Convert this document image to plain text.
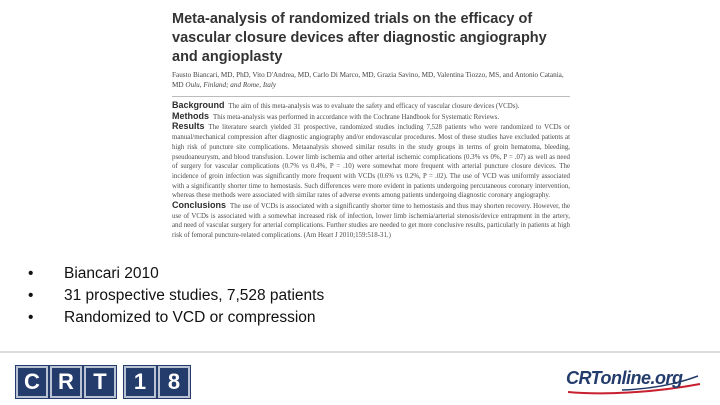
Meta-analysis of randomized trials on the efficacy of vascular closure devices after diagnostic angiography and angioplasty
Fausto Biancari, MD, PhD, Vito D'Andrea, MD, Carlo Di Marco, MD, Grazia Savino, MD, Valentina Tiozzo, MS, and Antonio Catania, MD Oulu, Finland; and Rome, Italy

Background The aim of this meta-analysis was to evaluate the safety and efficacy of vascular closure devices (VCDs).

Methods This meta-analysis was performed in accordance with the Cochrane Handbook for Systematic Reviews.

Results The literature search yielded 31 prospective, randomized studies including 7,528 patients who were randomized to VCDs or manual/mechanical compression after diagnostic angiography and/or endovascular procedures. Most of these studies have excluded patients at high risk of puncture site complications. Metaanalysis showed similar results in the study groups in terms of groin hematoma, bleeding, pseudoaneurysm, and blood transfusion. Lower limb ischemia and other arterial ischemic complications (0.3% vs 0%, P = .07) as well as need of surgery for vascular complications (0.7% vs 0.4%, P = .10) were somewhat more frequent with arterial puncture closure devices. The incidence of groin infection was significantly more frequent with VCDs (0.6% vs 0.2%, P = .02). The use of VCD was uniformly associated with a significantly shorter time to hemostasis. Such differences were more evident in patients undergoing percutaneous coronary intervention, whereas these methods were associated with similar rates of adverse events among patients undergoing diagnostic coronary angiography.

Conclusions The use of VCDs is associated with a significantly shorter time to hemostasis and thus may shorten recovery. However, the use of VCDs is associated with a somewhat increased risk of infection, lower limb ischemia/arterial stenosis/device entrapment in the artery, and need of vascular surgery for arterial complications. Further studies are needed to get more conclusive results, particularly in patients at high risk of femoral puncture-related complications. (Am Heart J 2010;159:518-31.)

• Biancari 2010
• 31 prospective studies, 7,528 patients
• Randomized to VCD or compression
C R T	1 8	CRTonline.org
